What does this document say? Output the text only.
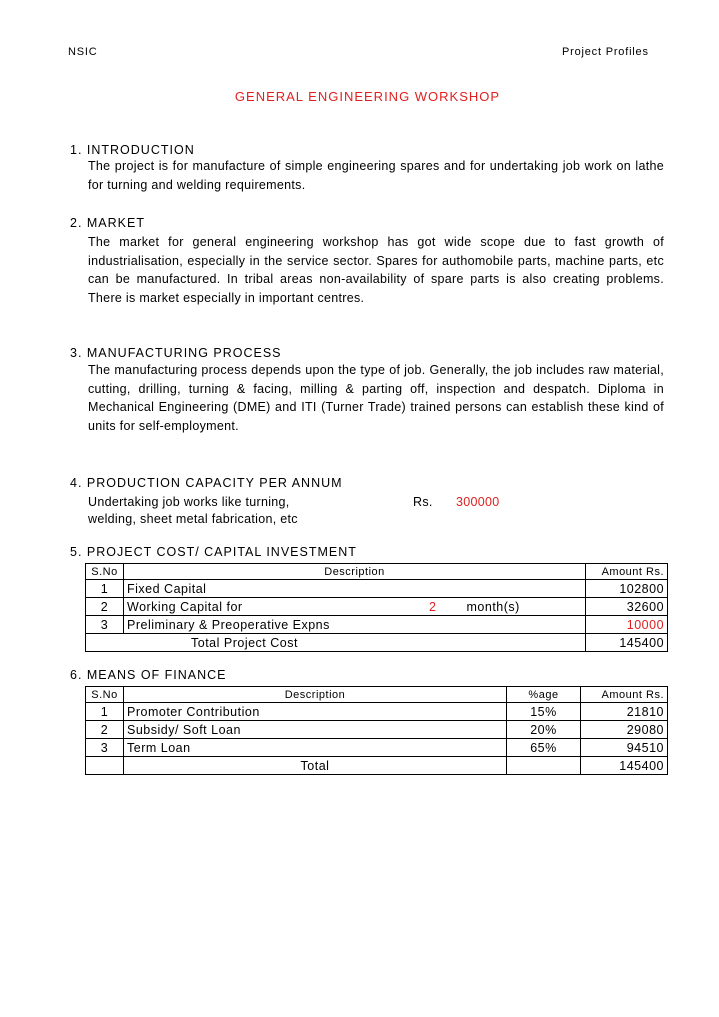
NSIC	Project Profiles
GENERAL ENGINEERING WORKSHOP
1. INTRODUCTION
The project is for manufacture of simple engineering spares and for undertaking job work on lathe for turning and welding requirements.
2. MARKET
The market for general engineering workshop has got wide scope due to fast growth of industrialisation, especially in the service sector. Spares for authomobile parts, machine parts, etc can be manufactured. In tribal areas non-availability of spare parts is also creating problems. There is market especially in important centres.
3. MANUFACTURING PROCESS
The manufacturing process depends upon the type of job. Generally, the job includes raw material, cutting, drilling, turning & facing, milling & parting off, inspection and despatch. Diploma in Mechanical Engineering (DME) and ITI (Turner Trade) trained persons can establish these kind of units for self-employment.
4. PRODUCTION CAPACITY PER ANNUM
Undertaking job works like turning,
welding, sheet metal fabrication, etc
Rs. 300000
5. PROJECT COST/ CAPITAL INVESTMENT
S.No	Description			Amount Rs.
1	Fixed Capital			102800
2	Working Capital for	2	month(s)	32600
3	Preliminary & Preoperative Expns			10000
Total Project Cost				145400
6. MEANS OF FINANCE
S.No	Description	%age	Amount Rs.
1	Promoter Contribution	15%	21810
2	Subsidy/ Soft Loan	20%	29080
3	Term Loan	65%	94510
	Total		145400
